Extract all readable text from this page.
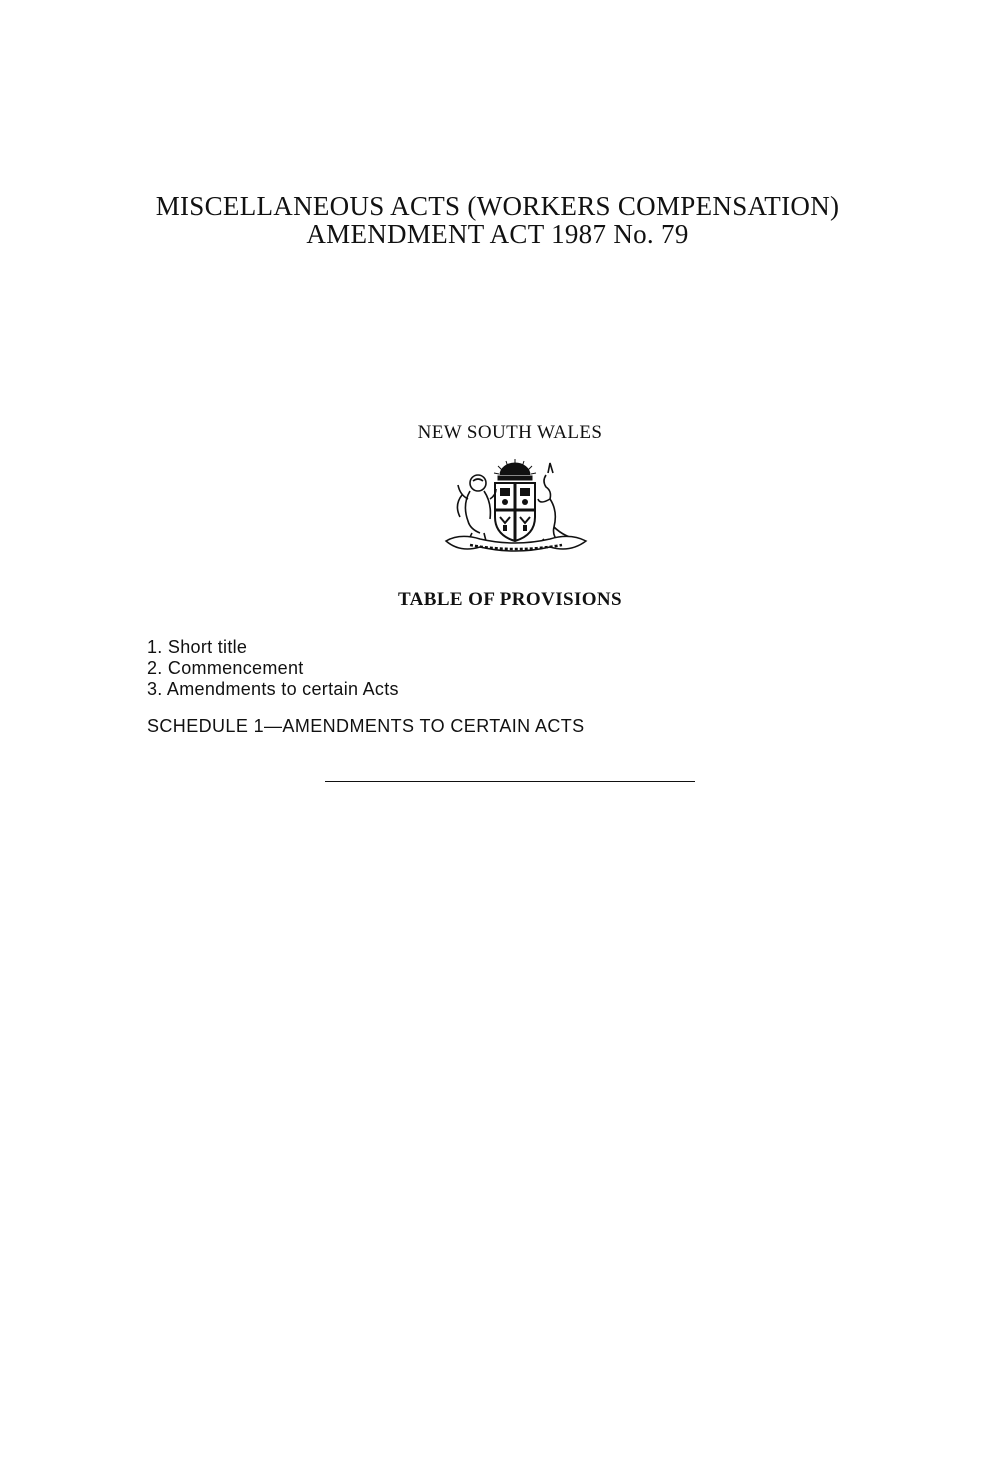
MISCELLANEOUS ACTS (WORKERS COMPENSATION)
AMENDMENT ACT 1987 No. 79
NEW SOUTH WALES
TABLE OF PROVISIONS
1. Short title
2. Commencement
3. Amendments to certain Acts
SCHEDULE 1—AMENDMENTS TO CERTAIN ACTS
